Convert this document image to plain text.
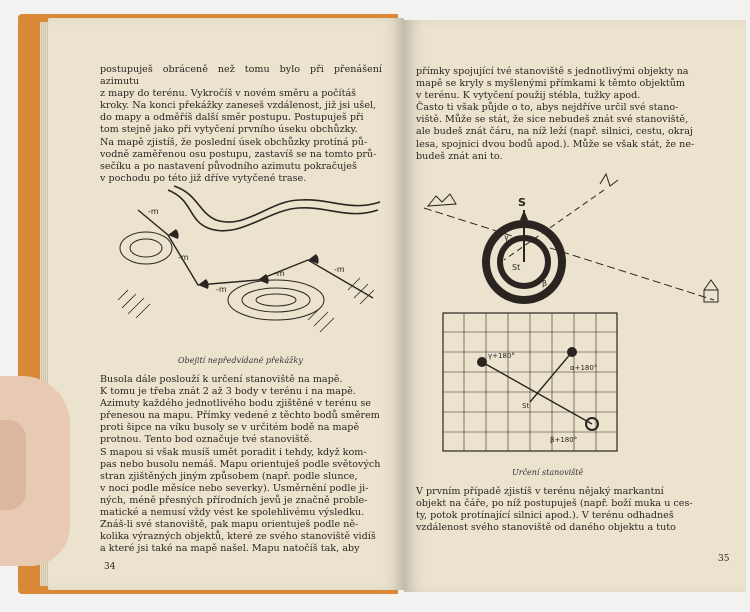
postupuješ obráceně než tomu bylo při přenášení azimutu
z mapy do terénu. Vykročíš v novém směru a počítáš
kroky. Na konci překážky zaneseš vzdálenost, již jsi ušel,
do mapy a odměříš další směr postupu. Postupuješ při
tom stejně jako při vytyčení prvního úseku obchůzky.
Na mapě zjistíš, že poslední úsek obchůzky protíná pů-
vodně zaměřenou osu postupu, zastavíš se na tomto prů-
sečíku a po nastavení původního azimutu pokračuješ
v pochodu po této již dříve vytyčené trase.
-m
-m
-m
-m	-m
Obejití nepředvídané překážky
Busola dále poslouží k určení stanoviště na mapě.
K tomu je třeba znát 2 až 3 body v terénu i na mapě.
Azimuty každého jednotlivého bodu zjištěné v terénu se
přenesou na mapu. Přímky vedené z těchto bodů směrem
proti šipce na víku busoly se v určitém bodě na mapě
protnou. Tento bod označuje tvé stanoviště.
S mapou si však musíš umět poradit i tehdy, když kom-
pas nebo busolu nemáš. Mapu orientuješ podle světových
stran zjištěných jiným způsobem (např. podle slunce,
v noci podle měsíce nebo severky). Usměrnění podle ji-
ných, méně přesných přírodních jevů je značně proble-
matické a nemusí vždy vést ke spolehlivému výsledku.
Znáš-li své stanoviště, pak mapu orientuješ podle ně-
kolika výrazných objektů, které ze svého stanoviště vidíš
a které jsi také na mapě našel. Mapu natočíš tak, aby
34
přímky spojující tvé stanoviště s jednotlivými objekty na
mapě se kryly s myšlenými přímkami k těmto objektům
v terénu. K vytyčení použij stébla, tužky apod.
Často ti však půjde o to, abys nejdříve určil své stano-
viště. Může se stát, že sice nebudeš znát své stanoviště,
ale budeš znát čáru, na níž leží (např. silnici, cestu, okraj
lesa, spojnici dvou bodů apod.). Může se však stát, že ne-
budeš znát ani to.
S
St
γ
β
γ+180°
α+180°
β+180°
St
Určení stanoviště
V prvním případě zjistíš v terénu nějaký markantní
objekt na čáře, po níž postupuješ (např. boží muka u ces-
ty, potok protínající silnici apod.). V terénu odhadneš
vzdálenost svého stanoviště od daného objektu a tuto
35
